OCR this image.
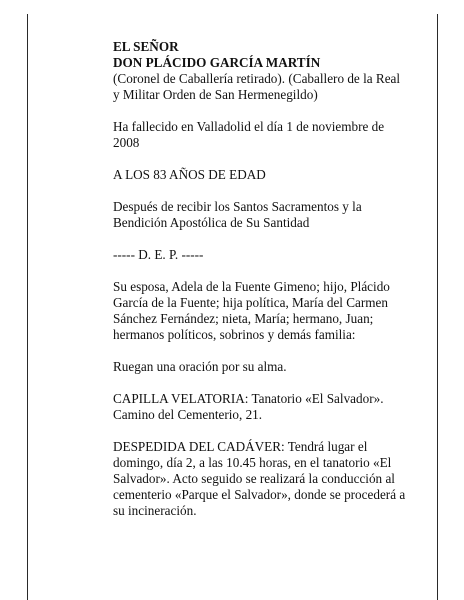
EL SEÑOR
DON PLÁCIDO GARCÍA MARTÍN
(Coronel de Caballería retirado). (Caballero de la Real
y Militar Orden de San Hermenegildo)

Ha fallecido en Valladolid el día 1 de noviembre de
2008

A LOS 83 AÑOS DE EDAD

Después de recibir los Santos Sacramentos y la
Bendición Apostólica de Su Santidad

----- D. E. P. -----

Su esposa, Adela de la Fuente Gimeno; hijo, Plácido
García de la Fuente; hija política, María del Carmen
Sánchez Fernández; nieta, María; hermano, Juan;
hermanos políticos, sobrinos y demás familia:

Ruegan una oración por su alma.

CAPILLA VELATORIA: Tanatorio «El Salvador».
Camino del Cementerio, 21.

DESPEDIDA DEL CADÁVER: Tendrá lugar el
domingo, día 2, a las 10.45 horas, en el tanatorio «El
Salvador». Acto seguido se realizará la conducción al
cementerio «Parque el Salvador», donde se procederá a
su incineración.
